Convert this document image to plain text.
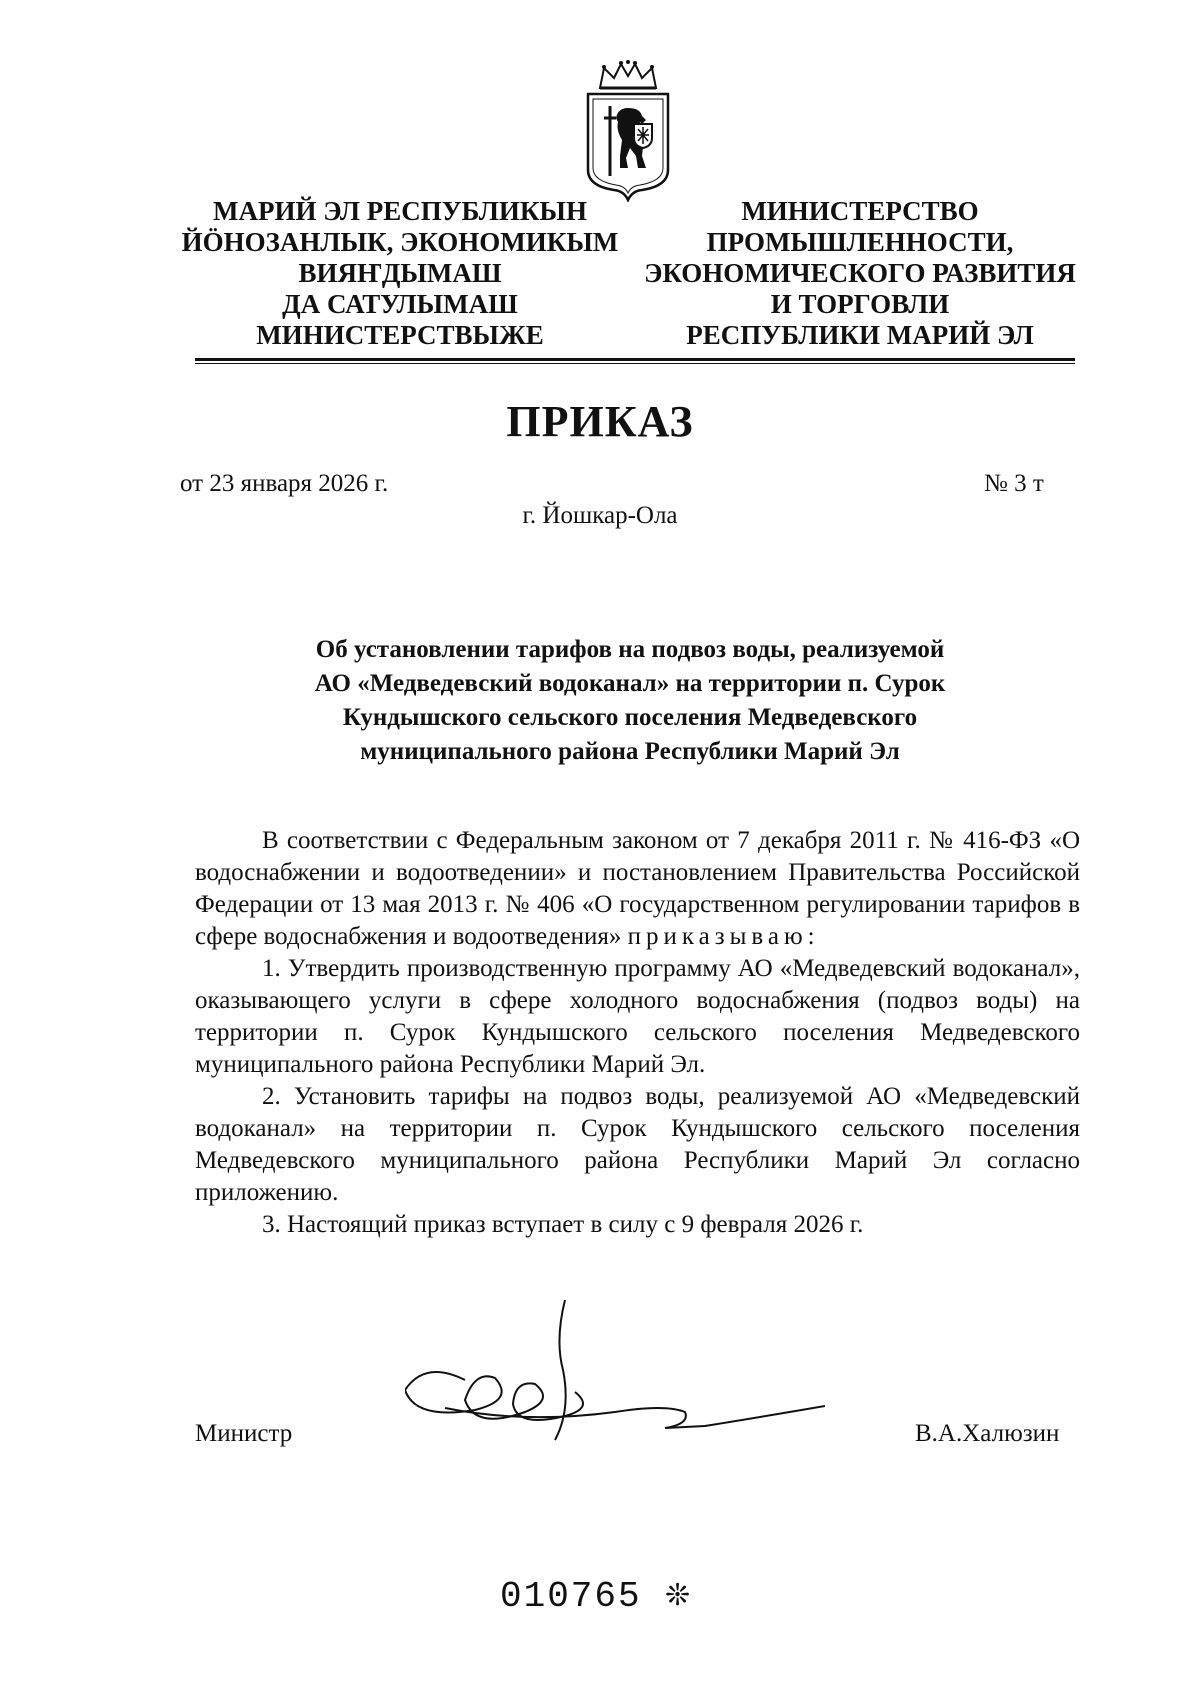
МАРИЙ ЭЛ РЕСПУБЛИКЫН
ЙӦНОЗАНЛЫК, ЭКОНОМИКЫМ
ВИЯҤДЫМАШ
ДА САТУЛЫМАШ
МИНИСТЕРСТВЫЖЕ
МИНИСТЕРСТВО
ПРОМЫШЛЕННОСТИ,
ЭКОНОМИЧЕСКОГО РАЗВИТИЯ
И ТОРГОВЛИ
РЕСПУБЛИКИ МАРИЙ ЭЛ
ПРИКАЗ
от 23 января 2026 г.	№ 3 т
г. Йошкар-Ола
Об установлении тарифов на подвоз воды, реализуемой
АО «Медведевский водоканал» на территории п. Сурок
Кундышского сельского поселения Медведевского
муниципального района Республики Марий Эл

В соответствии с Федеральным законом от 7 декабря 2011 г. № 416-ФЗ «О водоснабжении и водоотведении» и постановлением Правительства Российской Федерации от 13 мая 2013 г. № 406 «О государственном регулировании тарифов в сфере водоснабжения и водоотведения» приказываю:

1. Утвердить производственную программу АО «Медведевский водоканал», оказывающего услуги в сфере холодного водоснабжения (подвоз воды) на территории п. Сурок Кундышского сельского поселения Медведевского муниципального района Республики Марий Эл.

2. Установить тарифы на подвоз воды, реализуемой АО «Медведевский водоканал» на территории п. Сурок Кундышского сельского поселения Медведевского муниципального района Республики Марий Эл согласно приложению.

3. Настоящий приказ вступает в силу с 9 февраля 2026 г.

Министр	В.А.Халюзин
010765 ❊
